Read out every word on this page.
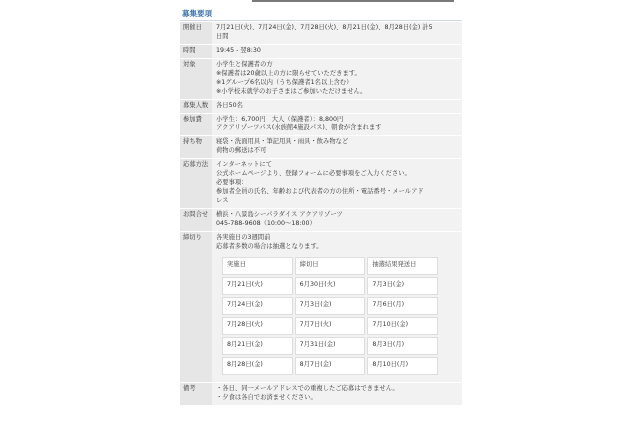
募集要項
開催日	7月21日(火)、7月24日(金)、7月28日(火)、8月21日(金)、8月28日(金) 計5
日間

時間	19:45 - 翌8:30

対象	小学生と保護者の方
※保護者は20歳以上の方に限らせていただきます。
※1グループ6名以内（うち保護者1名以上含む）
※小学校未就学のお子さまはご参加いただけません。

募集人数	各日50名

参加費	小学生：6,700円　大人（保護者）：8,800円
アクアリゾーツパス(水族館4施設パス)、朝食が含まれます

持ち物	寝袋・洗面用具・筆記用具・雨具・飲み物など
荷物の郵送は不可

応募方法	インターネットにて
公式ホームページより、登録フォームに必要事項をご入力ください。
必要事項：
参加者全員の氏名、年齢および代表者の方の住所・電話番号・メールアド
レス

お問合せ	横浜・八景島シーパラダイス アクアリゾーツ
045-788-9608（10:00〜18:00）

締切り	各実施日の3週間前
応募者多数の場合は抽選となります。
実施日	締切日	抽選結果発送日
7月21日(火)	6月30日(火)	7月3日(金)
7月24日(金)	7月3日(金)	7月6日(月)
7月28日(火)	7月7日(火)	7月10日(金)
8月21日(金)	7月31日(金)	8月3日(月)
8月28日(金)	8月7日(金)	8月10日(月)

備考	・各日、同一メールアドレスでの重複したご応募はできません。
・夕食は各自でお済ませください。
